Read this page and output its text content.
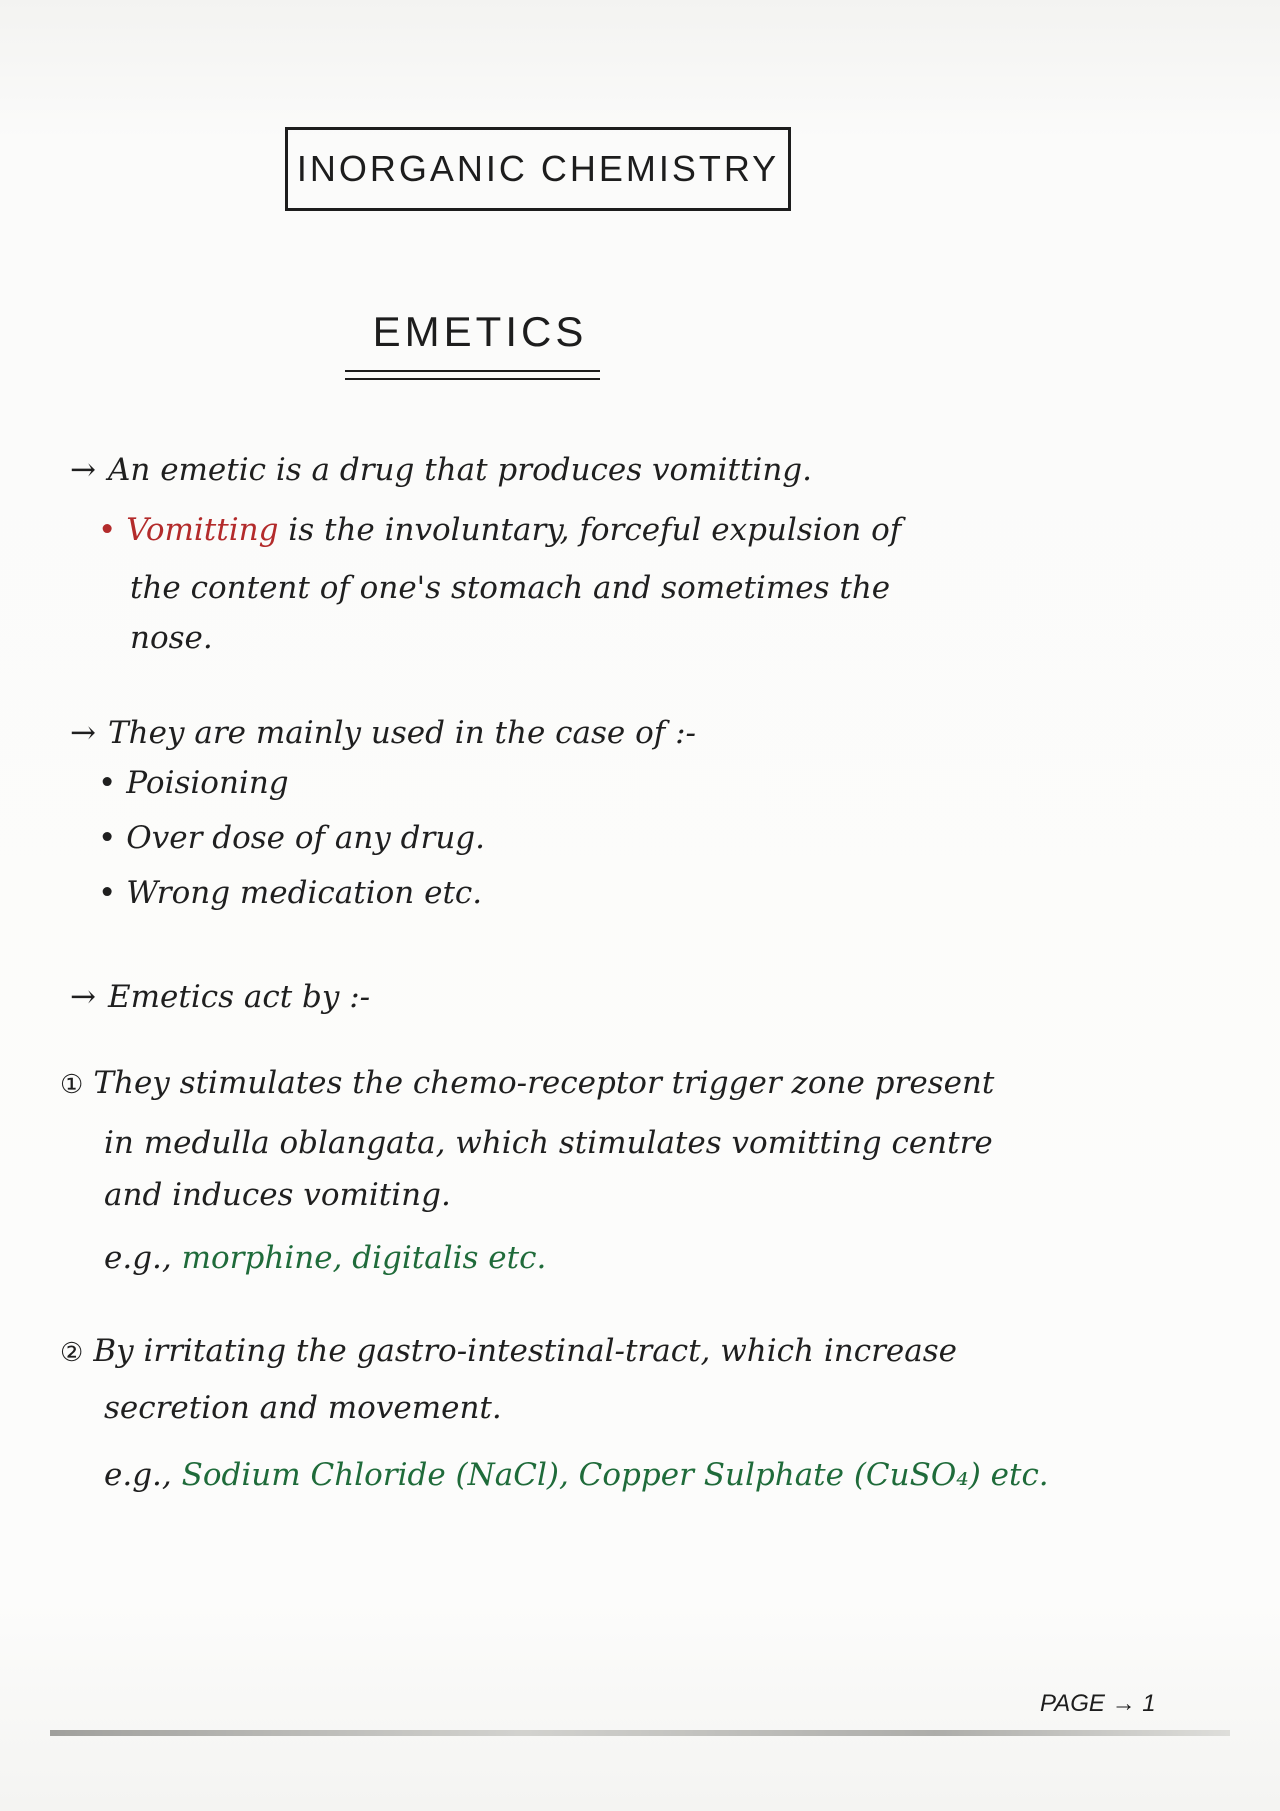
INORGANIC CHEMISTRY
EMETICS
→ An emetic is a drug that produces vomitting.
• Vomitting is the involuntary, forceful expulsion of
the content of one's stomach and sometimes the
nose.
→ They are mainly used in the case of :-
• Poisioning
• Over dose of any drug.
• Wrong medication etc.
→ Emetics act by :-
① They stimulates the chemo-receptor trigger zone present
in medulla oblangata, which stimulates vomitting centre
and induces vomiting.
e.g., morphine, digitalis etc.
② By irritating the gastro-intestinal-tract, which increase
secretion and movement.
e.g., Sodium Chloride (NaCl), Copper Sulphate (CuSO₄) etc.
PAGE → 1
